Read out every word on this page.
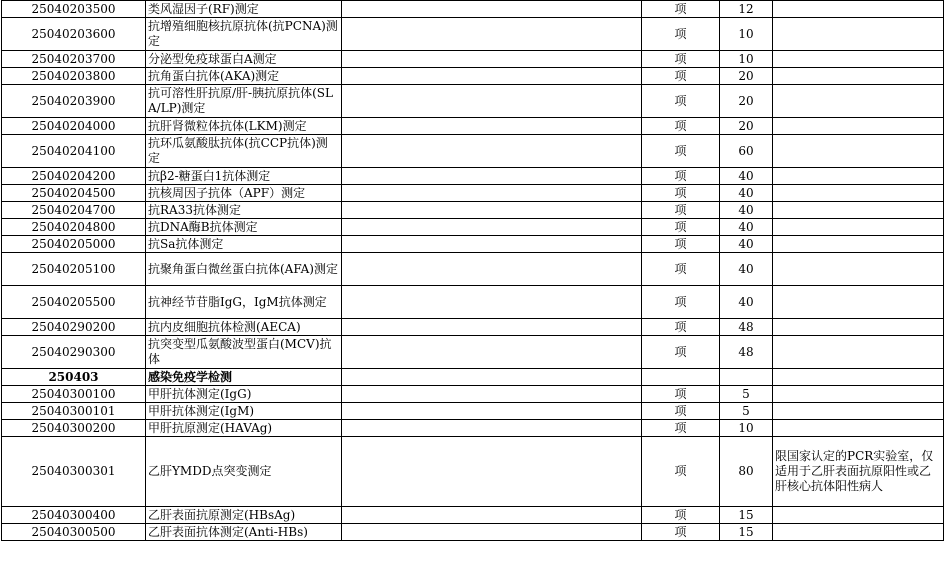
25040203500	类风湿因子(RF)测定		项	12	
25040203600	抗增殖细胞核抗原抗体(抗PCNA)测定		项	10	
25040203700	分泌型免疫球蛋白A测定		项	10	
25040203800	抗角蛋白抗体(AKA)测定		项	20	
25040203900	抗可溶性肝抗原/肝-胰抗原抗体(SLA/LP)测定		项	20	
25040204000	抗肝肾微粒体抗体(LKM)测定		项	20	
25040204100	抗环瓜氨酸肽抗体(抗CCP抗体)测定		项	60	
25040204200	抗β2-糖蛋白1抗体测定		项	40	
25040204500	抗核周因子抗体（APF）测定		项	40	
25040204700	抗RA33抗体测定		项	40	
25040204800	抗DNA酶B抗体测定		项	40	
25040205000	抗Sa抗体测定		项	40	
25040205100	抗聚角蛋白微丝蛋白抗体(AFA)测定		项	40	
25040205500	抗神经节苷脂IgG，IgM抗体测定		项	40	
25040290200	抗内皮细胞抗体检测(AECA)		项	48	
25040290300	抗突变型瓜氨酸波型蛋白(MCV)抗体		项	48	
250403	感染免疫学检测				
25040300100	甲肝抗体测定(IgG)		项	5	
25040300101	甲肝抗体测定(IgM)		项	5	
25040300200	甲肝抗原测定(HAVAg)		项	10	
25040300301	乙肝YMDD点突变测定		项	80	限国家认定的PCR实验室，仅适用于乙肝表面抗原阳性或乙肝核心抗体阳性病人
25040300400	乙肝表面抗原测定(HBsAg)		项	15	
25040300500	乙肝表面抗体测定(Anti-HBs)		项	15	
